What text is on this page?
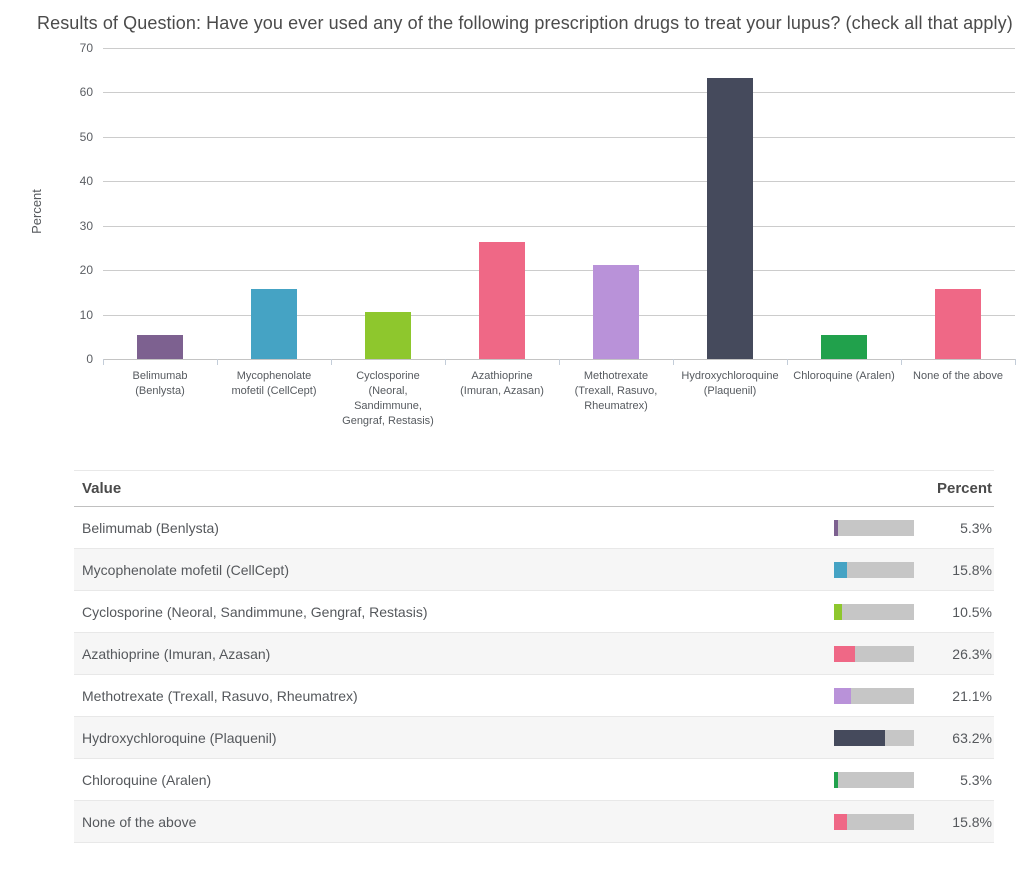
Results of Question: Have you ever used any of the following prescription drugs to treat your lupus? (check all that apply)
Percent
0
10
20
30
40
50
60
70
Belimumab (Benlysta)
Mycophenolate mofetil (CellCept)
Cyclosporine (Neoral, Sandimmune, Gengraf, Restasis)
Azathioprine (Imuran, Azasan)
Methotrexate (Trexall, Rasuvo, Rheumatrex)
Hydroxychloroquine (Plaquenil)
Chloroquine (Aralen)	None of the above
Value	Percent
Belimumab (Benlysta)	5.3%
Mycophenolate mofetil (CellCept)	15.8%
Cyclosporine (Neoral, Sandimmune, Gengraf, Restasis)	10.5%
Azathioprine (Imuran, Azasan)	26.3%
Methotrexate (Trexall, Rasuvo, Rheumatrex)	21.1%
Hydroxychloroquine (Plaquenil)	63.2%
Chloroquine (Aralen)	5.3%
None of the above	15.8%
